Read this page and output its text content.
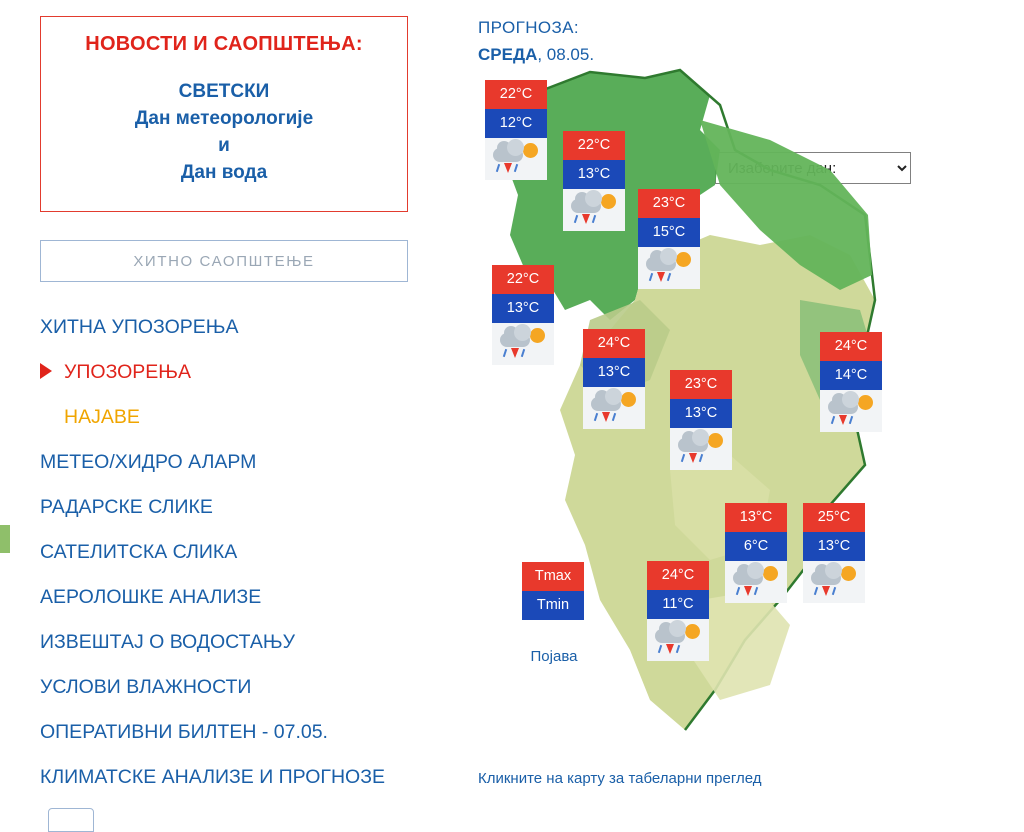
НОВОСТИ И САОПШТЕЊА:
СВЕТСКИ
Дан метеорологије
и
Дан вода
ХИТНО САОПШТЕЊЕ
ХИТНА УПОЗОРЕЊА
УПОЗОРЕЊА
НАЈАВЕ
МЕТЕО/ХИДРО АЛАРМ
РАДАРСКЕ СЛИКЕ
САТЕЛИТСКА СЛИКА
АЕРОЛОШКЕ АНАЛИЗЕ
ИЗВЕШТАЈ О ВОДОСТАЊУ
УСЛОВИ ВЛАЖНОСТИ
ОПЕРАТИВНИ БИЛТЕН - 07.05.
КЛИМАТСКЕ АНАЛИЗЕ И ПРОГНОЗЕ
ПРОГНОЗА:
СРЕДА, 08.05.
Изаберите дан:
22°C
12°C
22°C
13°C
23°C
15°C
22°C
13°C
24°C
13°C
23°C
13°C
24°C
14°C
13°C
6°C
25°C
13°C
24°C
11°C
Tmax
Tmin
Појава
Кликните на карту за табеларни преглед
